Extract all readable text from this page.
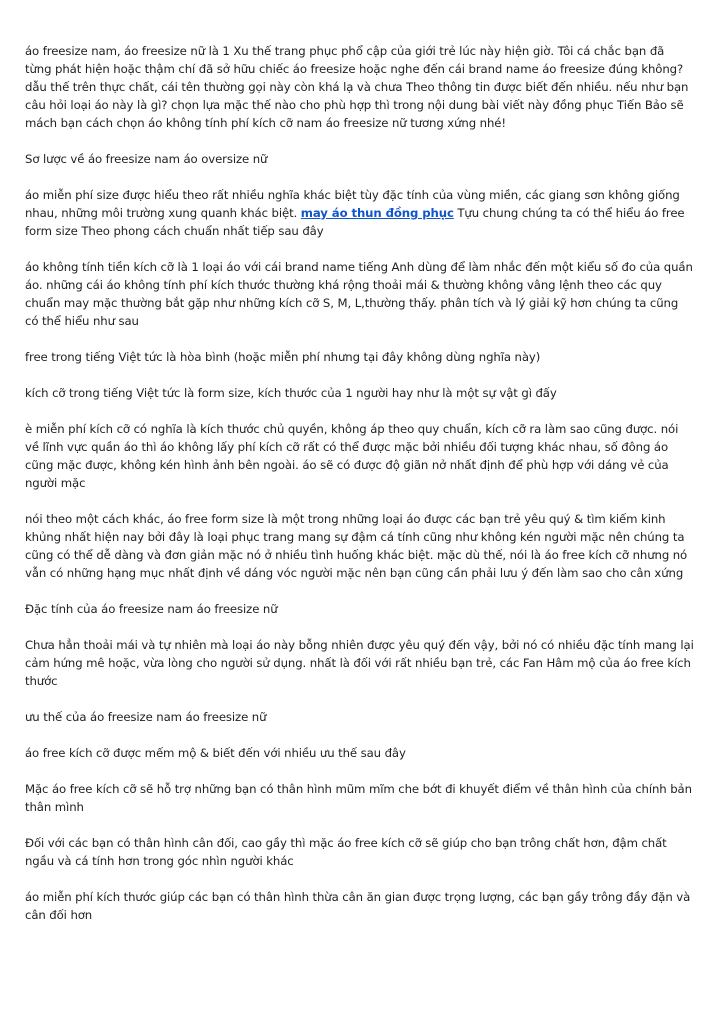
áo freesize nam, áo freesize nữ là 1 Xu thế trang phục phổ cập của giới trẻ lúc này hiện giờ. Tôi cá chắc bạn đã từng phát hiện hoặc thậm chí đã sở hữu chiếc áo freesize hoặc nghe đến cái brand name áo freesize đúng không? dẫu thế trên thực chất, cái tên thường gọi này còn khá lạ và chưa Theo thông tin được biết đến nhiều. nếu như bạn câu hỏi loại áo này là gì? chọn lựa mặc thế nào cho phù hợp thì trong nội dung bài viết này đồng phục Tiến Bảo sẽ mách bạn cách chọn áo không tính phí kích cỡ nam áo freesize nữ tương xứng nhé!

Sơ lược về áo freesize nam áo oversize nữ

áo miễn phí size được hiểu theo rất nhiều nghĩa khác biệt tùy đặc tính của vùng miền, các giang sơn không giống nhau, những môi trường xung quanh khác biệt. may áo thun đồng phục Tựu chung chúng ta có thể hiểu áo free form size Theo phong cách chuẩn nhất tiếp sau đây

áo không tính tiền kích cỡ là 1 loại áo với cái brand name tiếng Anh dùng để làm nhắc đến một kiểu số đo của quần áo. những cái áo không tính phí kích thước thường khá rộng thoải mái & thường không vâng lệnh theo các quy chuẩn may mặc thường bắt gặp như những kích cỡ S, M, L,thường thấy. phân tích và lý giải kỹ hơn chúng ta cũng có thể hiểu như sau

free trong tiếng Việt tức là hòa bình (hoặc miễn phí nhưng tại đây không dùng nghĩa này)

kích cỡ trong tiếng Việt tức là form size, kích thước của 1 người hay như là một sự vật gì đấy

è miễn phí kích cỡ có nghĩa là kích thước chủ quyền, không áp theo quy chuẩn, kích cỡ ra làm sao cũng được. nói về lĩnh vực quần áo thì áo không lấy phí kích cỡ rất có thể được mặc bởi nhiều đối tượng khác nhau, số đông áo cũng mặc được, không kén hình ảnh bên ngoài. áo sẽ có được độ giãn nở nhất định để phù hợp với dáng vẻ của người mặc

nói theo một cách khác, áo free form size là một trong những loại áo được các bạn trẻ yêu quý & tìm kiếm kinh khủng nhất hiện nay bởi đây là loại phục trang mang sự đậm cá tính cũng như không kén người mặc nên chúng ta cũng có thể dễ dàng và đơn giản mặc nó ở nhiều tình huống khác biệt. mặc dù thế, nói là áo free kích cỡ nhưng nó vẫn có những hạng mục nhất định về dáng vóc người mặc nên bạn cũng cần phải lưu ý đến làm sao cho cân xứng

Đặc tính của áo freesize nam áo freesize nữ

Chưa hẳn thoải mái và tự nhiên mà loại áo này bỗng nhiên được yêu quý đến vậy, bởi nó có nhiều đặc tính mang lại cảm hứng mê hoặc, vừa lòng cho người sử dụng. nhất là đối với rất nhiều bạn trẻ, các Fan Hâm mộ của áo free kích thước

ưu thế của áo freesize nam áo freesize nữ

áo free kích cỡ được mếm mộ & biết đến với nhiều ưu thế sau đây

Mặc áo free kích cỡ sẽ hỗ trợ những bạn có thân hình mũm mĩm che bớt đi khuyết điểm về thân hình của chính bản thân mình

Đối với các bạn có thân hình cân đối, cao gầy thì mặc áo free kích cỡ sẽ giúp cho bạn trông chất hơn, đậm chất ngầu và cá tính hơn trong góc nhìn người khác

áo miễn phí kích thước giúp các bạn có thân hình thừa cân ăn gian được trọng lượng, các bạn gầy trông đầy đặn và cân đối hơn
